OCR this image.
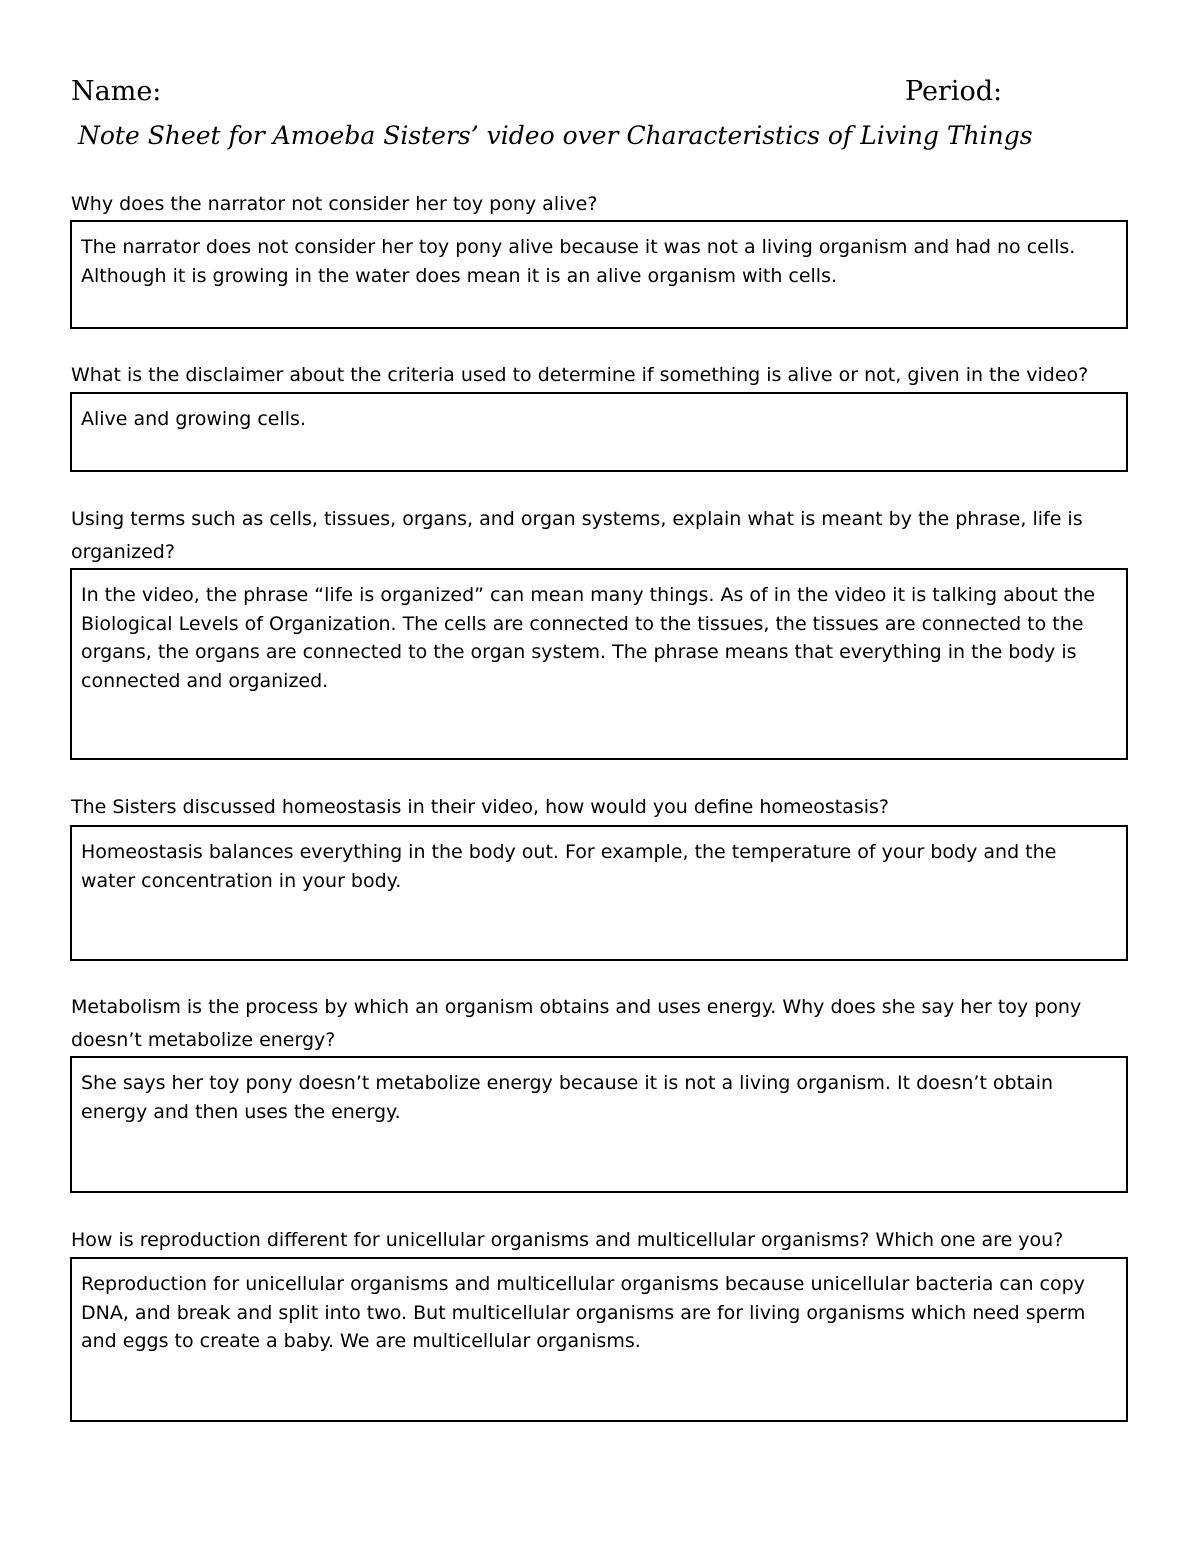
Name:	Period:
Note Sheet for Amoeba Sisters’ video over Characteristics of Living Things
Why does the narrator not consider her toy pony alive?
The narrator does not consider her toy pony alive because it was not a living organism and had no cells. Although it is growing in the water does mean it is an alive organism with cells.
What is the disclaimer about the criteria used to determine if something is alive or not, given in the video?
Alive and growing cells.
Using terms such as cells, tissues, organs, and organ systems, explain what is meant by the phrase, life is organized?
In the video, the phrase “life is organized” can mean many things. As of in the video it is talking about the Biological Levels of Organization. The cells are connected to the tissues, the tissues are connected to the organs, the organs are connected to the organ system. The phrase means that everything in the body is connected and organized.
The Sisters discussed homeostasis in their video, how would you define homeostasis?
Homeostasis balances everything in the body out. For example, the temperature of your body and the water concentration in your body.
Metabolism is the process by which an organism obtains and uses energy. Why does she say her toy pony doesn’t metabolize energy?
She says her toy pony doesn’t metabolize energy because it is not a living organism. It doesn’t obtain energy and then uses the energy.
How is reproduction different for unicellular organisms and multicellular organisms? Which one are you?
Reproduction for unicellular organisms and multicellular organisms because unicellular bacteria can copy DNA, and break and split into two. But multicellular organisms are for living organisms which need sperm and eggs to create a baby. We are multicellular organisms.
